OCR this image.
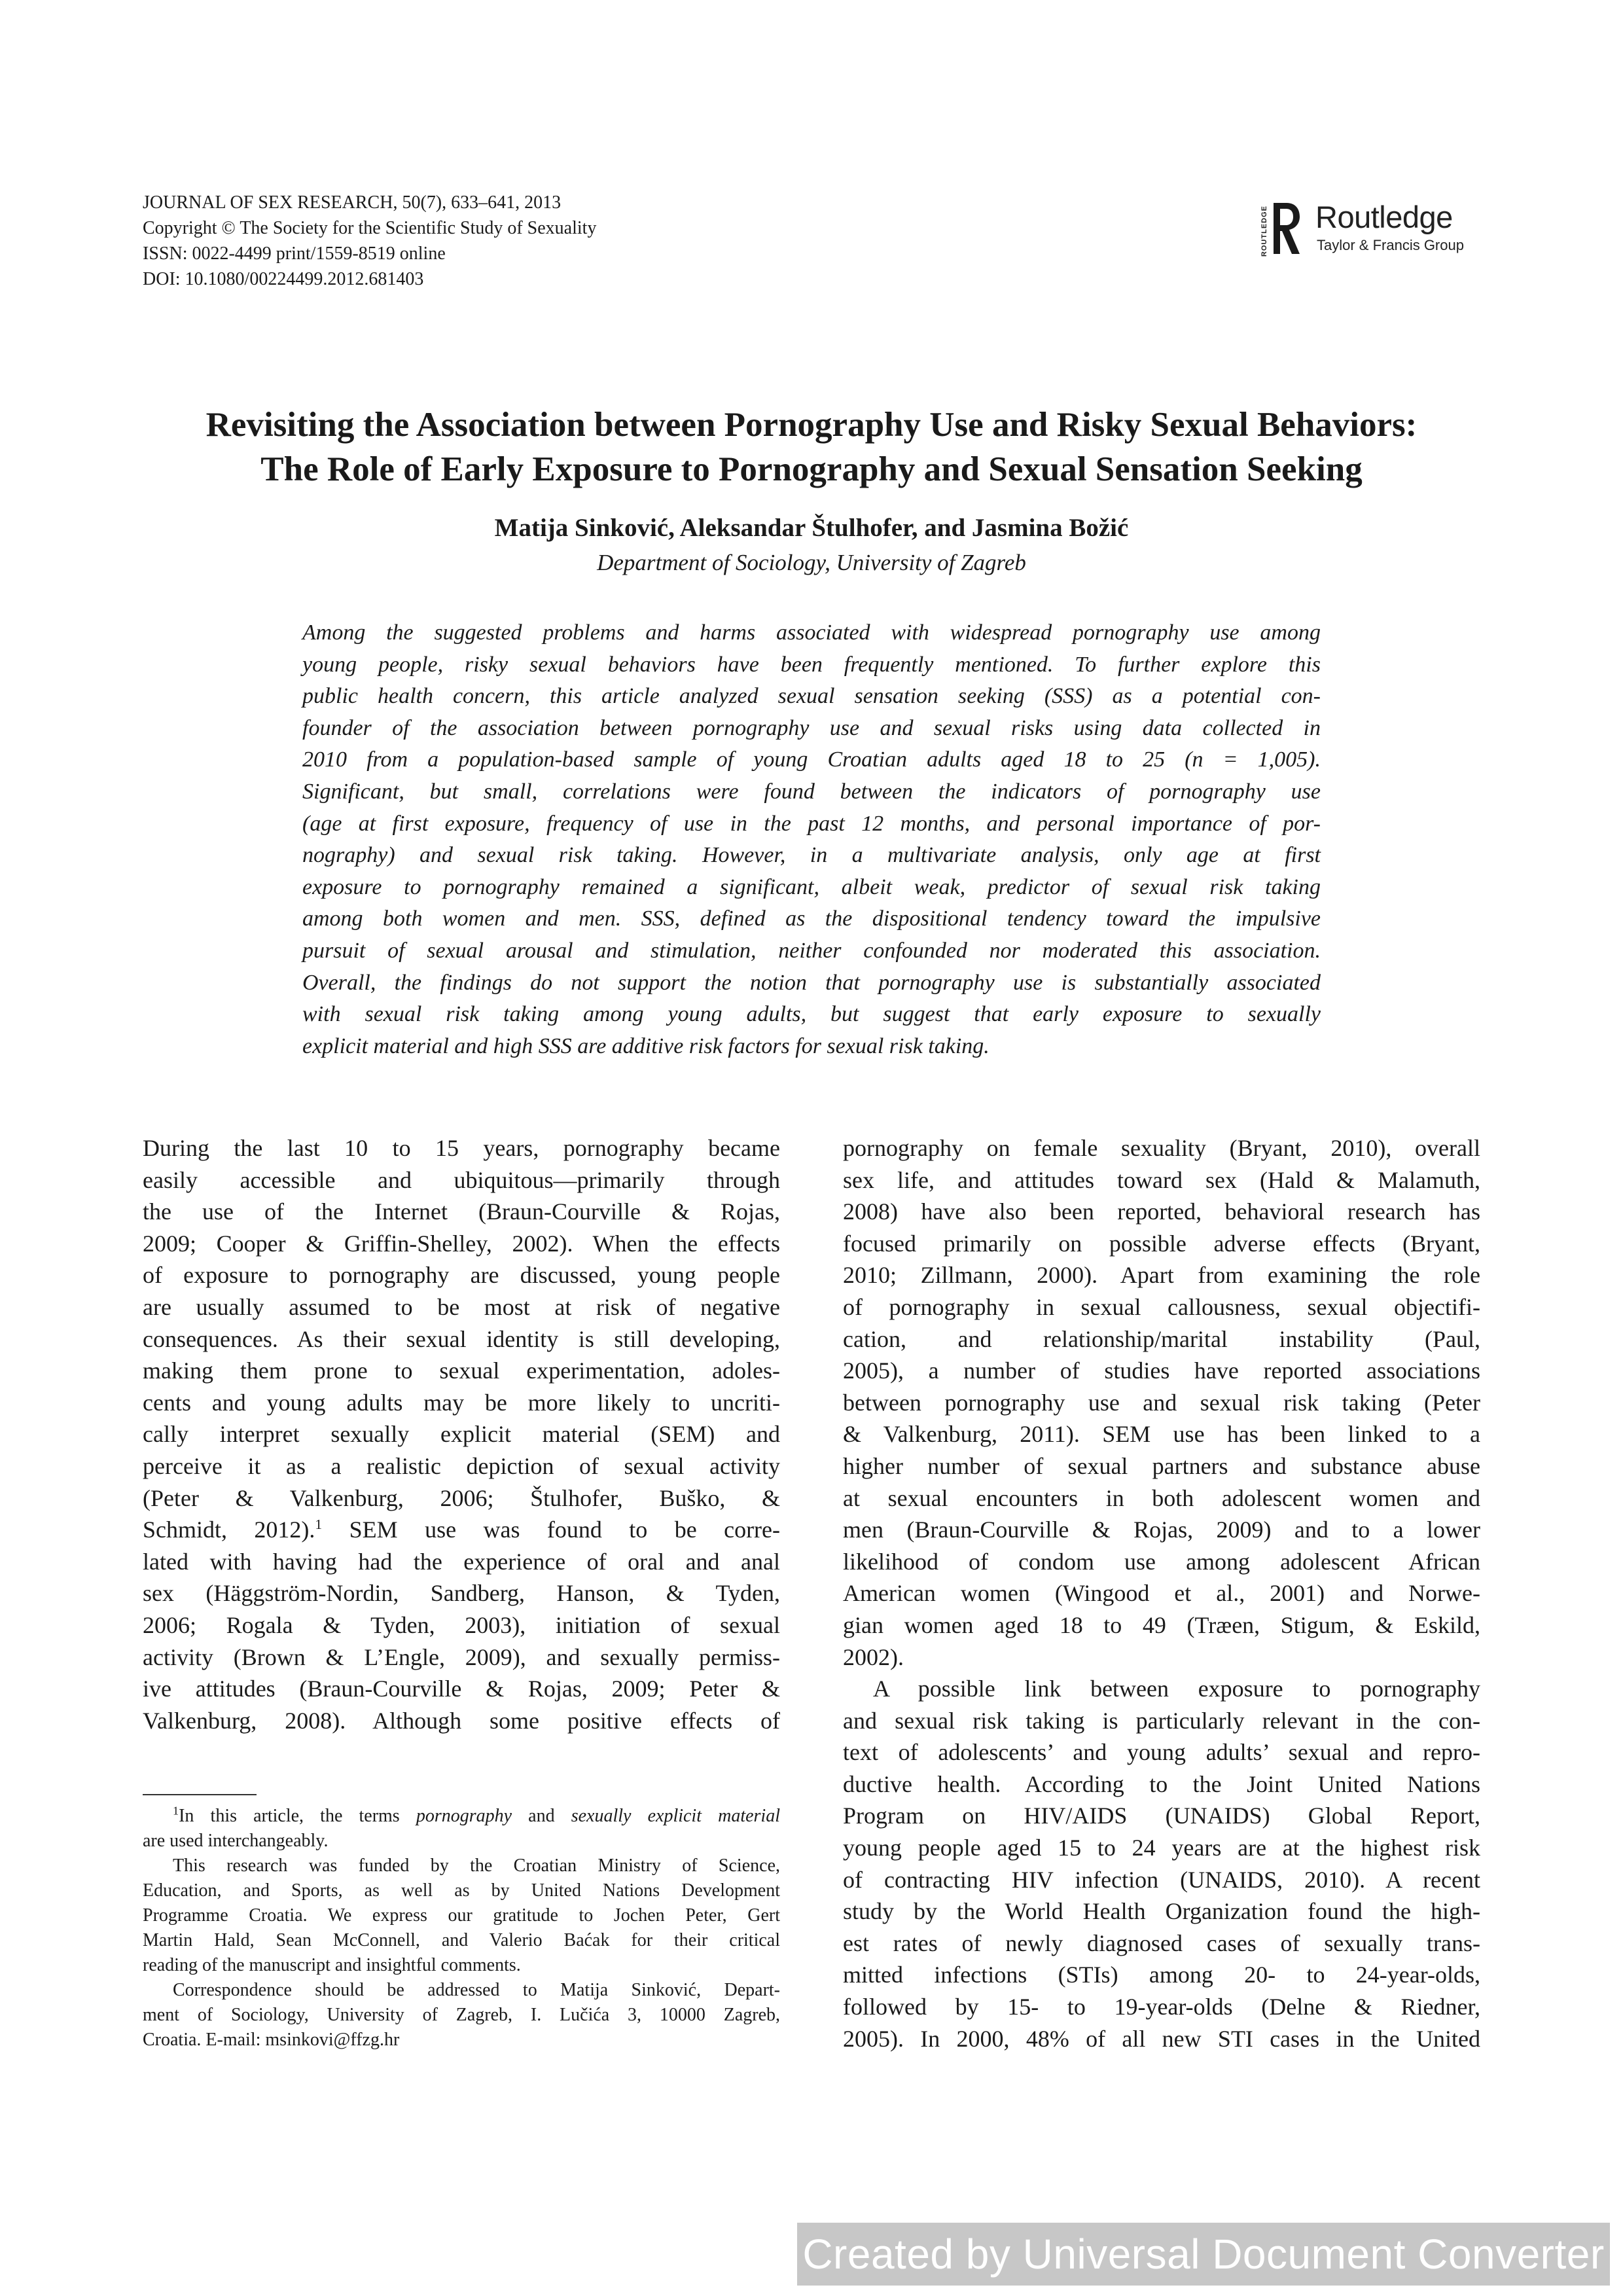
JOURNAL OF SEX RESEARCH, 50(7), 633–641, 2013
Copyright © The Society for the Scientific Study of Sexuality
ISSN: 0022-4499 print/1559-8519 online
DOI: 10.1080/00224499.2012.681403
ROUTLEDGE Routledge
Taylor & Francis Group
Revisiting the Association between Pornography Use and Risky Sexual Behaviors:
The Role of Early Exposure to Pornography and Sexual Sensation Seeking
Matija Sinković, Aleksandar Štulhofer, and Jasmina Božić
Department of Sociology, University of Zagreb
Among the suggested problems and harms associated with widespread pornography use among
young people, risky sexual behaviors have been frequently mentioned. To further explore this
public health concern, this article analyzed sexual sensation seeking (SSS) as a potential con-
founder of the association between pornography use and sexual risks using data collected in
2010 from a population-based sample of young Croatian adults aged 18 to 25 (n = 1,005).
Significant, but small, correlations were found between the indicators of pornography use
(age at first exposure, frequency of use in the past 12 months, and personal importance of por-
nography) and sexual risk taking. However, in a multivariate analysis, only age at first
exposure to pornography remained a significant, albeit weak, predictor of sexual risk taking
among both women and men. SSS, defined as the dispositional tendency toward the impulsive
pursuit of sexual arousal and stimulation, neither confounded nor moderated this association.
Overall, the findings do not support the notion that pornography use is substantially associated
with sexual risk taking among young adults, but suggest that early exposure to sexually
explicit material and high SSS are additive risk factors for sexual risk taking.
During the last 10 to 15 years, pornography became
easily accessible and ubiquitous—primarily through
the use of the Internet (Braun-Courville & Rojas,
2009; Cooper & Griffin-Shelley, 2002). When the effects
of exposure to pornography are discussed, young people
are usually assumed to be most at risk of negative
consequences. As their sexual identity is still developing,
making them prone to sexual experimentation, adoles-
cents and young adults may be more likely to uncriti-
cally interpret sexually explicit material (SEM) and
perceive it as a realistic depiction of sexual activity
(Peter & Valkenburg, 2006; Štulhofer, Buško, &
Schmidt, 2012).$^1$ SEM use was found to be corre-
lated with having had the experience of oral and anal
sex (Häggström-Nordin, Sandberg, Hanson, & Tyden,
2006; Rogala & Tyden, 2003), initiation of sexual
activity (Brown & L’Engle, 2009), and sexually permiss-
ive attitudes (Braun-Courville & Rojas, 2009; Peter &
Valkenburg, 2008). Although some positive effects of
pornography on female sexuality (Bryant, 2010), overall
sex life, and attitudes toward sex (Hald & Malamuth,
2008) have also been reported, behavioral research has
focused primarily on possible adverse effects (Bryant,
2010; Zillmann, 2000). Apart from examining the role
of pornography in sexual callousness, sexual objectifi-
cation, and relationship/marital instability (Paul,
2005), a number of studies have reported associations
between pornography use and sexual risk taking (Peter
& Valkenburg, 2011). SEM use has been linked to a
higher number of sexual partners and substance abuse
at sexual encounters in both adolescent women and
men (Braun-Courville & Rojas, 2009) and to a lower
likelihood of condom use among adolescent African
American women (Wingood et al., 2001) and Norwe-
gian women aged 18 to 49 (Træen, Stigum, & Eskild,
2002).
A possible link between exposure to pornography
and sexual risk taking is particularly relevant in the con-
text of adolescents’ and young adults’ sexual and repro-
ductive health. According to the Joint United Nations
Program on HIV/AIDS (UNAIDS) Global Report,
young people aged 15 to 24 years are at the highest risk
of contracting HIV infection (UNAIDS, 2010). A recent
study by the World Health Organization found the high-
est rates of newly diagnosed cases of sexually trans-
mitted infections (STIs) among 20- to 24-year-olds,
followed by 15- to 19-year-olds (Delne & Riedner,
2005). In 2000, 48% of all new STI cases in the United
$^1$In this article, the terms pornography and sexually explicit material
are used interchangeably.
This research was funded by the Croatian Ministry of Science,
Education, and Sports, as well as by United Nations Development
Programme Croatia. We express our gratitude to Jochen Peter, Gert
Martin Hald, Sean McConnell, and Valerio Baćak for their critical
reading of the manuscript and insightful comments.
Correspondence should be addressed to Matija Sinković, Depart-
ment of Sociology, University of Zagreb, I. Lučića 3, 10000 Zagreb,
Croatia. E-mail: msinkovi@ffzg.hr
Created by Universal Document Converter
